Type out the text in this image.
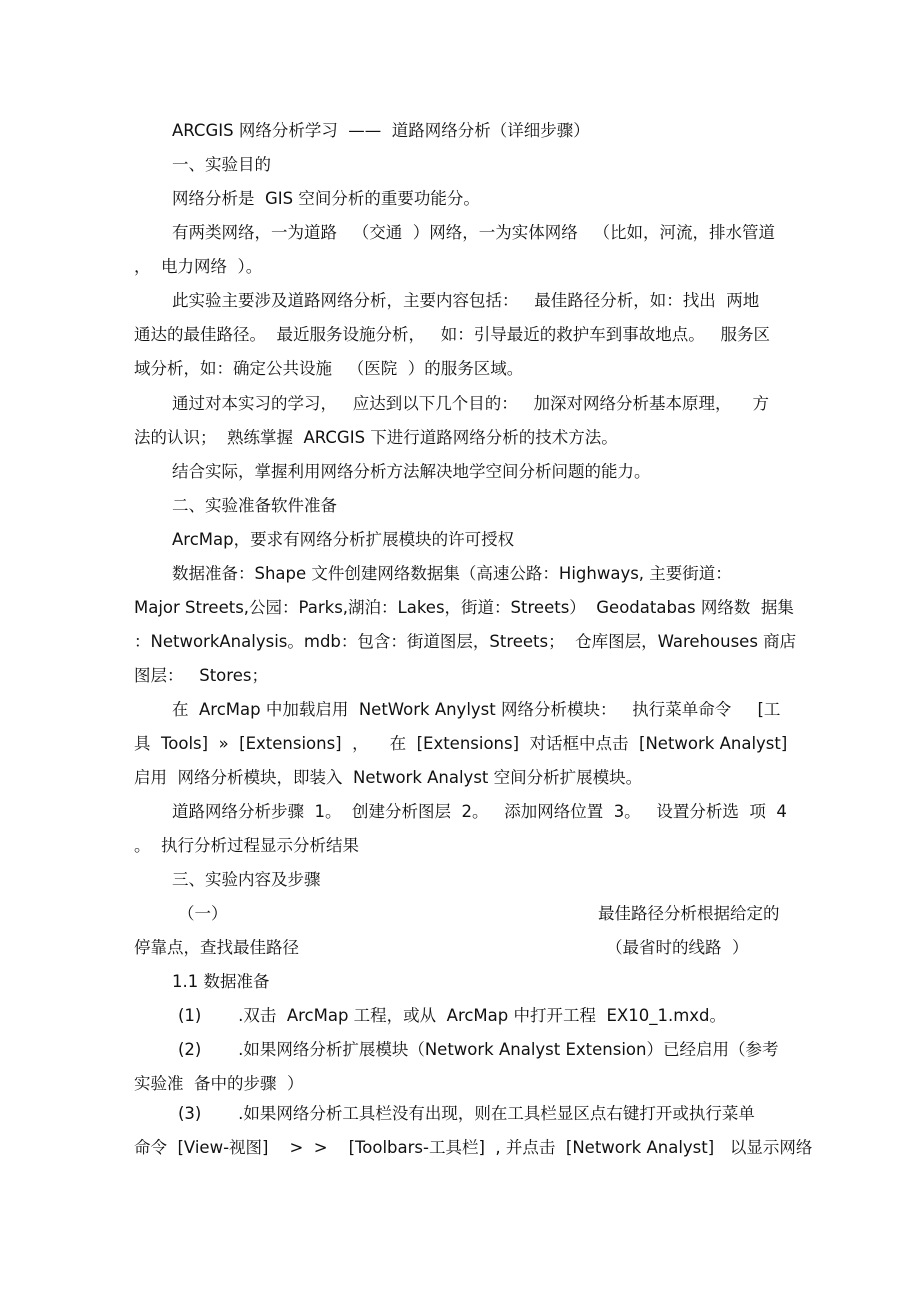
ARCGIS 网络分析学习  ——  道路网络分析（详细步骤）
一、实验目的
网络分析是  GIS 空间分析的重要功能分。
有两类网络，一为道路   （交通  ）网络，一为实体网络   （比如，河流，排水管道
，  电力网络  ）。
此实验主要涉及道路网络分析，主要内容包括：   最佳路径分析，如：找出  两地
通达的最佳路径。  最近服务设施分析，   如：引导最近的救护车到事故地点。   服务区
域分析，如：确定公共设施   （医院  ）的服务区域。
通过对本实习的学习，   应达到以下几个目的：   加深对网络分析基本原理，    方
法的认识；  熟练掌握  ARCGIS 下进行道路网络分析的技术方法。
结合实际，掌握利用网络分析方法解决地学空间分析问题的能力。
二、实验准备软件准备
ArcMap，要求有网络分析扩展模块的许可授权
数据准备：Shape 文件创建网络数据集（高速公路：Highways, 主要街道：
Major Streets,公园：Parks,湖泊：Lakes，街道：Streets）  Geodatabas 网络数  据集
：NetworkAnalysis。mdb：包含：街道图层，Streets；  仓库图层，Warehouses 商店
图层：   Stores；
在  ArcMap 中加载启用  NetWork Anylyst 网络分析模块：   执行菜单命令     [工
具  Tools]  »  [Extensions]  ，    在  [Extensions]  对话框中点击  [Network Analyst]
启用  网络分析模块，即装入  Network Analyst 空间分析扩展模块。
道路网络分析步骤  1。  创建分析图层  2。   添加网络位置  3。   设置分析选  项  4
。  执行分析过程显示分析结果
三、实验内容及步骤
（一）	最佳路径分析根据给定的
停靠点，查找最佳路径	（最省时的线路  ）
1.1 数据准备
(1)       .双击  ArcMap 工程，或从  ArcMap 中打开工程  EX10_1.mxd。
(2)       .如果网络分析扩展模块（Network Analyst Extension）已经启用（参考
实验准  备中的步骤  ）
(3)       .如果网络分析工具栏没有出现，则在工具栏显区点右键打开或执行菜单
命令  [View-视图]    >  >    [Toolbars-工具栏]  , 并点击  [Network Analyst]   以显示网络
